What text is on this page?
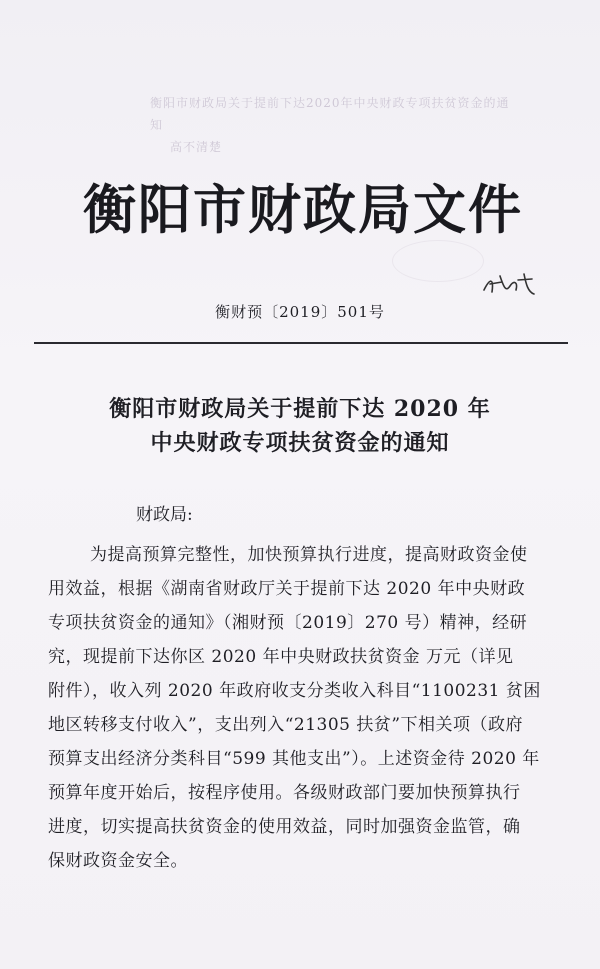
衡阳市财政局关于提前下达2020年中央财政专项扶贫资金的通知
高不清楚
衡阳市财政局文件
衡财预〔2019〕501号
衡阳市财政局关于提前下达 2020 年
中央财政专项扶贫资金的通知
财政局:
为提高预算完整性，加快预算执行进度，提高财政资金使
用效益，根据《湖南省财政厅关于提前下达 2020 年中央财政
专项扶贫资金的通知》（湘财预〔2019〕270 号）精神，经研
究，现提前下达你区 2020 年中央财政扶贫资金 万元（详见
附件），收入列 2020 年政府收支分类收入科目“1100231 贫困
地区转移支付收入”，支出列入“21305 扶贫”下相关项（政府
预算支出经济分类科目“599 其他支出”）。上述资金待 2020 年
预算年度开始后，按程序使用。各级财政部门要加快预算执行
进度，切实提高扶贫资金的使用效益，同时加强资金监管，确
保财政资金安全。
